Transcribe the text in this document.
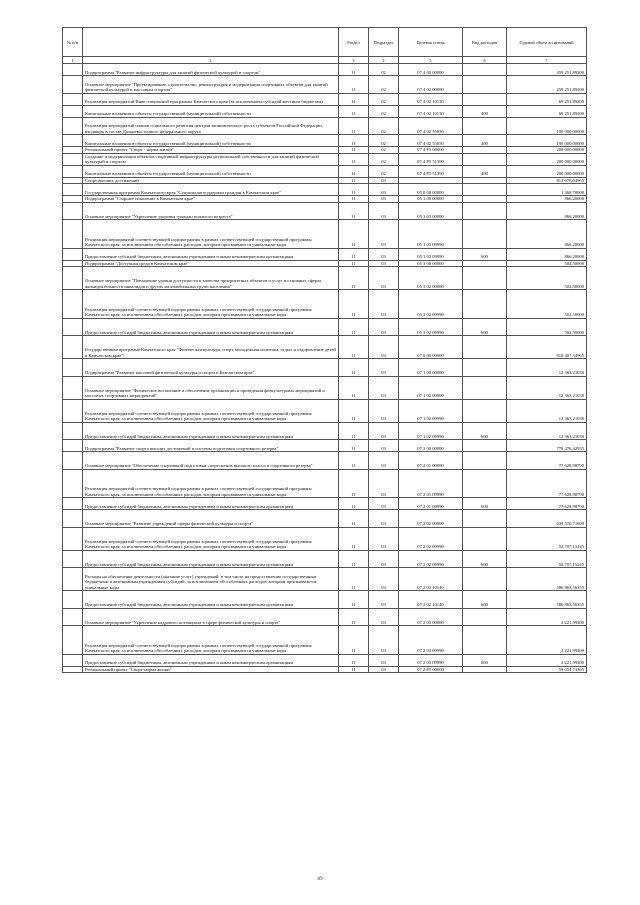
№ п/п		Раздел	Подраздел	Целевая статья	Вид расходов	Годовой объем ассигнований
1	2	3	4	5	6	7
	Подпрограмма "Развитие инфраструктуры для занятий физической культурой и спортом"	11	02	07 4 00 00000		459 251,89200
	Основное мероприятие "Проектирование, строительство, реконструкция и модернизация спортивных объектов для занятий физической культурой и массовым спортом"	11	02	07 4 02 00000		259 251,89200
	Реализация мероприятий Инвестиционной программы Камчатского края (за исключением субсидий местным бюджетам)	11	02	07 4 02 10130		69 251,89200
	Капитальные вложения в объекты государственной (муниципальной) собственности	11	02	07 4 02 10130	400	69 251,89200
	Реализация мероприятий планов социального развития центров экономического роста субъектов Российской Федерации, входящих в состав Дальневосточного федерального округа	11	02	07 4 02 55050		190 000,00000
	Капитальные вложения в объекты государственной (муниципальной) собственности	11	02	07 4 02 55050	400	190 000,00000
	Региональный проект "Спорт - норма жизни"	11	02	07 4 P5 00000		200 000,00000
	Создание и модернизация объектов спортивной инфраструктуры региональной собственности для занятий физической культурой и спортом	11	02	07 4 P5 51390		200 000,00000
	Капитальные вложения в объекты государственной (муниципальной) собственности	11	02	07 4 P5 51390	400	200 000,00000
	Спорт высших достижений	11	03			813 676,04965
	Государственная программа Камчатского края "Социальная поддержка граждан в Камчатском крае"	11	03	05 0 00 00000		1 368,70000
	Подпрограмма "Старшее поколение в Камчатском крае"	11	03	05 1 00 00000		866,20000
	Основное мероприятие "Укрепление здоровья граждан пожилого возраста"	11	03	05 1 03 00000		866,20000
	Реализация мероприятий соответствующей подпрограммы в рамках соответствующей государственной программы Камчатского края, за исключением обособленных расходов, которым присваиваются уникальные коды	11	03	05 1 03 09990		866,20000
	Предоставление субсидий бюджетным, автономным учреждениям и иным некоммерческим организациям	11	03	05 1 03 09990	600	866,20000
	Подпрограмма "Доступная среда в Камчатском крае"	11	03	05 3 00 00000		502,50000
	Основное мероприятие "Повышение уровня доступности и качества приоритетных объектов и услуг в основных сферах жизнедеятельности инвалидов и других маломобильных групп населения"	11	03	05 3 02 00000		502,50000
	Реализация мероприятий соответствующей подпрограммы в рамках соответствующей государственной программы Камчатского края, за исключением обособленных расходов, которым присваиваются уникальные коды	11	03	05 3 02 09990		502,50000
	Предоставление субсидий бюджетным, автономным учреждениям и иным некоммерческим организациям	11	03	05 3 02 09990	600	502,50000
	Государственная программа Камчатского края "Физическая культура, спорт, молодежная политика, отдых и оздоровление детей в Камчатском крае"	11	03	07 0 00 00000		810 407,34965
	Подпрограмма "Развитие массовой физической культуры и спорта в Камчатском крае"	11	03	07 1 00 00000		12 363,21030
	Основное мероприятие "Физическое воспитание и обеспечение организации и проведения физкультурных мероприятий и массовых спортивных мероприятий"	11	03	07 1 02 00000		12 363,21030
	Реализация мероприятий соответствующей подпрограммы в рамках соответствующей государственной программы Камчатского края, за исключением обособленных расходов, которым присваиваются уникальные коды	11	03	07 1 02 09990		12 363,21030
	Предоставление субсидий бюджетным, автономным учреждениям и иным некоммерческим организациям	11	03	07 1 02 09990	600	12 363,21030
	Подпрограмма "Развитие спорта высших достижений и системы подготовки спортивного резерва"	11	03	07 2 00 00000		778 476,42935
	Основное мероприятие "Обеспечение спортивной подготовки спортсменов высокого класса и спортивного резерва"	11	03	07 2 01 00000		77 628,98790
	Реализация мероприятий соответствующей подпрограммы в рамках соответствующей государственной программы Камчатского края, за исключением обособленных расходов, которым присваиваются уникальные коды	11	03	07 2 01 09990		77 628,98790
	Предоставление субсидий бюджетным, автономным учреждениям и иным некоммерческим организациям	11	03	07 2 01 09990	600	77 628,98790
	Основное мероприятие "Развитие учреждений сферы физической культуры и спорта"	11	03	07 2 02 00000		639 570,71600
	Реализация мероприятий соответствующей подпрограммы в рамках соответствующей государственной программы Камчатского края, за исключением обособленных расходов, которым присваиваются уникальные коды	11	03	07 2 02 09990		52 707,15245
	Предоставление субсидий бюджетным, автономным учреждениям и иным некоммерческим организациям	11	03	07 2 02 09990	600	52 707,15245
	Расходы на обеспечение деятельности (оказание услуг) учреждений, в том числе на предоставление государственным бюджетным и автономным учреждениям субсидий, за исключением обособленных расходов, которым присваиваются уникальные коды	11	03	07 2 02 10140		586 863,56355
	Предоставление субсидий бюджетным, автономным учреждениям и иным некоммерческим организациям	11	03	07 2 02 10140	600	586 863,56355
	Основное мероприятие "Укрепление кадрового потенциала в сфере физической культуры и спорта"	11	03	07 2 03 00000		2 221,99200
	Реализация мероприятий соответствующей подпрограммы в рамках соответствующей государственной программы Камчатского края, за исключением обособленных расходов, которым присваиваются уникальные коды	11	03	07 2 03 09990		2 221,99200
	Предоставление субсидий бюджетным, автономным учреждениям и иным некоммерческим организациям	11	03	07 2 03 09990	600	2 221,99200
	Региональный проект "Спорт-норма жизни"	11	03	07 2 P5 00000		59 054,73365
89
